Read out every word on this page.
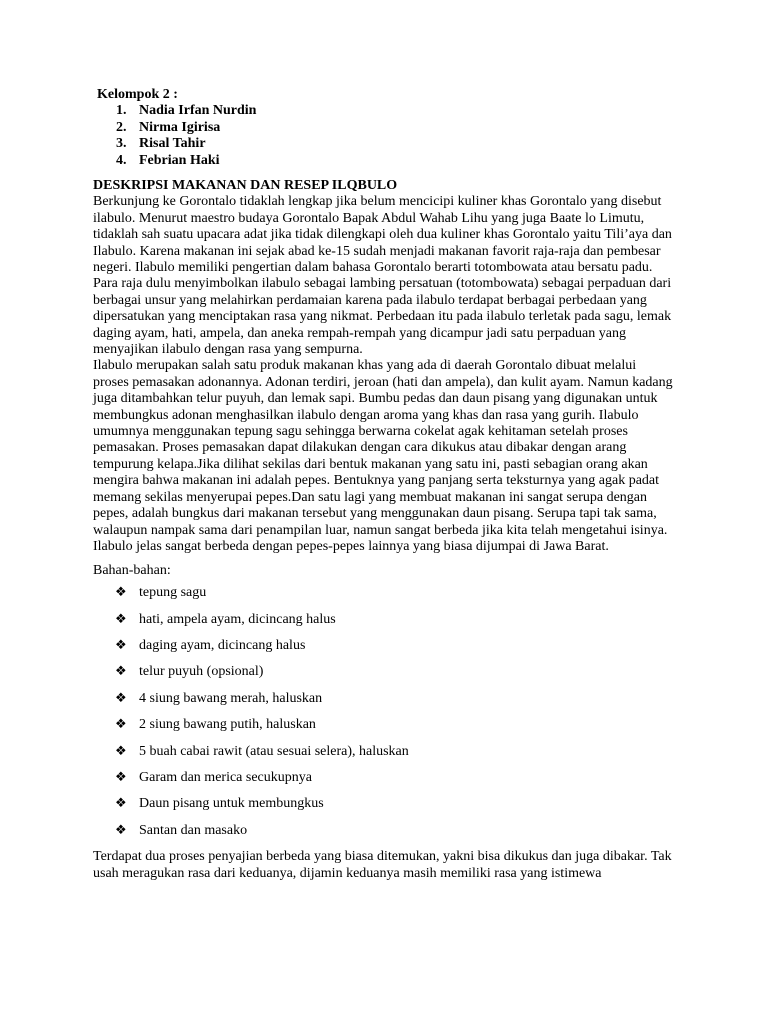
Kelompok 2 :
1. Nadia Irfan Nurdin
2. Nirma Igirisa
3. Risal Tahir
4. Febrian Haki
DESKRIPSI MAKANAN DAN RESEP ILQBULO

Berkunjung ke Gorontalo tidaklah lengkap jika belum mencicipi kuliner khas Gorontalo yang disebut ilabulo. Menurut maestro budaya Gorontalo Bapak Abdul Wahab Lihu yang juga Baate lo Limutu, tidaklah sah suatu upacara adat jika tidak dilengkapi oleh dua kuliner khas Gorontalo yaitu Tili’aya dan Ilabulo. Karena makanan ini sejak abad ke-15 sudah menjadi makanan favorit raja-raja dan pembesar negeri. Ilabulo memiliki pengertian dalam bahasa Gorontalo berarti totombowata atau bersatu padu. Para raja dulu menyimbolkan ilabulo sebagai lambing persatuan (totombowata) sebagai perpaduan dari berbagai unsur yang melahirkan perdamaian karena pada ilabulo terdapat berbagai perbedaan yang dipersatukan yang menciptakan rasa yang nikmat. Perbedaan itu pada ilabulo terletak pada sagu, lemak daging ayam, hati, ampela, dan aneka rempah-rempah yang dicampur jadi satu perpaduan yang menyajikan ilabulo dengan rasa yang sempurna.

Ilabulo merupakan salah satu produk makanan khas yang ada di daerah Gorontalo dibuat melalui proses pemasakan adonannya. Adonan terdiri, jeroan (hati dan ampela), dan kulit ayam. Namun kadang juga ditambahkan telur puyuh, dan lemak sapi. Bumbu pedas dan daun pisang yang digunakan untuk membungkus adonan menghasilkan ilabulo dengan aroma yang khas dan rasa yang gurih. Ilabulo umumnya menggunakan tepung sagu sehingga berwarna cokelat agak kehitaman setelah proses pemasakan. Proses pemasakan dapat dilakukan dengan cara dikukus atau dibakar dengan arang tempurung kelapa.Jika dilihat sekilas dari bentuk makanan yang satu ini, pasti sebagian orang akan mengira bahwa makanan ini adalah pepes. Bentuknya yang panjang serta teksturnya yang agak padat memang sekilas menyerupai pepes.Dan satu lagi yang membuat makanan ini sangat serupa dengan pepes, adalah bungkus dari makanan tersebut yang menggunakan daun pisang. Serupa tapi tak sama, walaupun nampak sama dari penampilan luar, namun sangat berbeda jika kita telah mengetahui isinya. Ilabulo jelas sangat berbeda dengan pepes-pepes lainnya yang biasa dijumpai di Jawa Barat.

Bahan-bahan:
❖ tepung sagu
❖ hati, ampela ayam, dicincang halus
❖ daging ayam, dicincang halus
❖ telur puyuh (opsional)
❖ 4 siung bawang merah, haluskan
❖ 2 siung bawang putih, haluskan
❖ 5 buah cabai rawit (atau sesuai selera), haluskan
❖ Garam dan merica secukupnya
❖ Daun pisang untuk membungkus
❖ Santan dan masako

Terdapat dua proses penyajian berbeda yang biasa ditemukan, yakni bisa dikukus dan juga dibakar. Tak usah meragukan rasa dari keduanya, dijamin keduanya masih memiliki rasa yang istimewa
